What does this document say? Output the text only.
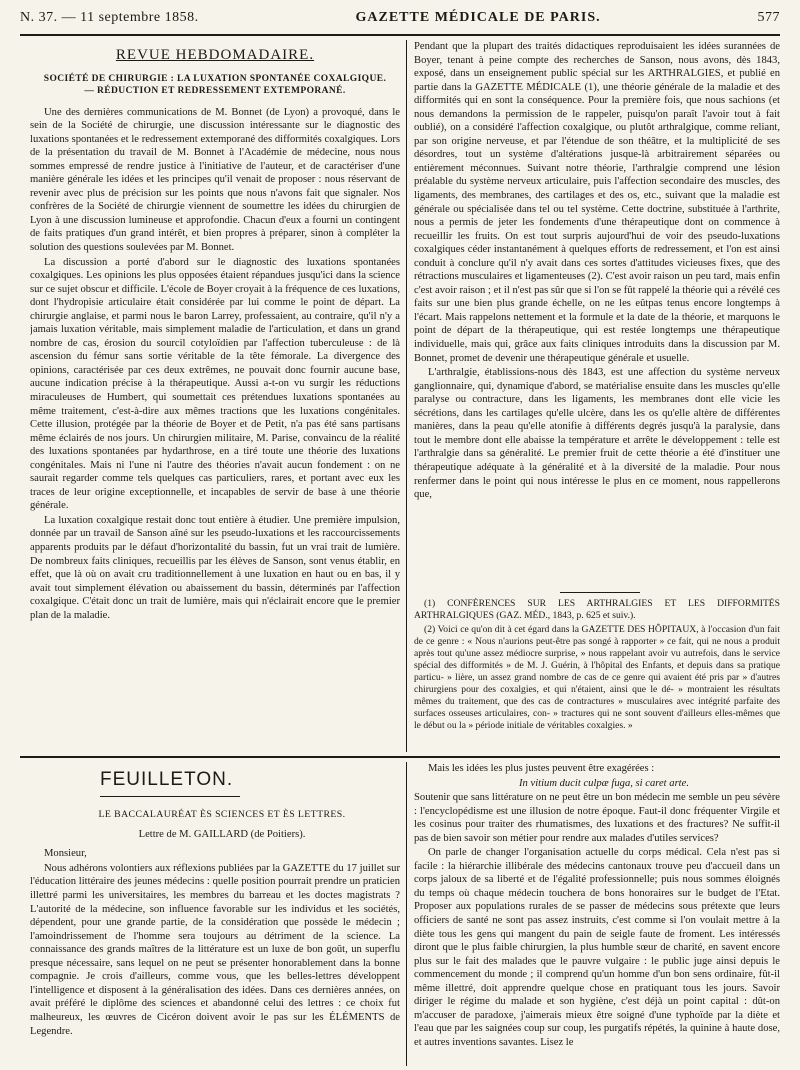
N. 37. — 11 septembre 1858.	GAZETTE MÉDICALE DE PARIS.	577
REVUE HEBDOMADAIRE.
SOCIÉTÉ DE CHIRURGIE : LA LUXATION SPONTANÉE COXALGIQUE.
— RÉDUCTION ET REDRESSEMENT EXTEMPORANÉ.

Une des dernières communications de M. Bonnet (de Lyon) a provoqué, dans le sein de la Société de chirurgie, une discussion intéressante sur le diagnostic des luxations spontanées et le redressement extemporané des difformités coxalgiques. Lors de la présentation du travail de M. Bonnet à l'Académie de médecine, nous nous sommes empressé de rendre justice à l'initiative de l'auteur, et de caractériser d'une manière générale les idées et les principes qu'il venait de proposer : nous réservant de revenir avec plus de précision sur les points que nous n'avons fait que signaler. Nos confrères de la Société de chirurgie viennent de soumettre les idées du chirurgien de Lyon à une discussion lumineuse et approfondie. Chacun d'eux a fourni un contingent de faits pratiques d'un grand intérêt, et bien propres à préparer, sinon à compléter la solution des questions soulevées par M. Bonnet.

La discussion a porté d'abord sur le diagnostic des luxations spontanées coxalgiques. Les opinions les plus opposées étaient répandues jusqu'ici dans la science sur ce sujet obscur et difficile. L'école de Boyer croyait à la fréquence de ces luxations, dont l'hydropisie articulaire était considérée par lui comme le point de départ. La chirurgie anglaise, et parmi nous le baron Larrey, professaient, au contraire, qu'il n'y a jamais luxation véritable, mais simplement maladie de l'articulation, et dans un grand nombre de cas, érosion du sourcil cotyloïdien par l'affection tuberculeuse : de là ascension du fémur sans sortie véritable de la tête fémorale. La divergence des opinions, caractérisée par ces deux extrêmes, ne pouvait donc fournir aucune base, aucune indication précise à la thérapeutique. Aussi a-t-on vu surgir les réductions miraculeuses de Humbert, qui soumettait ces prétendues luxations spontanées au même traitement, c'est-à-dire aux mêmes tractions que les luxations congénitales. Cette illusion, protégée par la théorie de Boyer et de Petit, n'a pas été sans partisans même éclairés de nos jours. Un chirurgien militaire, M. Parise, convaincu de la réalité des luxations spontanées par hydarthrose, en a tiré toute une théorie des luxations congénitales. Mais ni l'une ni l'autre des théories n'avait aucun fondement : on ne saurait regarder comme tels quelques cas particuliers, rares, et portant avec eux les traces de leur origine exceptionnelle, et incapables de servir de base à une théorie générale.

La luxation coxalgique restait donc tout entière à étudier. Une première impulsion, donnée par un travail de Sanson aîné sur les pseudo-luxations et les raccourcissements apparents produits par le défaut d'horizontalité du bassin, fut un vrai trait de lumière. De nombreux faits cliniques, recueillis par les élèves de Sanson, sont venus établir, en effet, que là où on avait cru traditionnellement à une luxation en haut ou en bas, il y avait tout simplement élévation ou abaissement du bassin, déterminés par l'affection coxalgique. C'était donc un trait de lumière, mais qui n'éclairait encore que le premier plan de la maladie.

Pendant que la plupart des traités didactiques reproduisaient les idées surannées de Boyer, tenant à peine compte des recherches de Sanson, nous avons, dès 1843, exposé, dans un enseignement public spécial sur les ARTHRALGIES, et publié en partie dans la GAZETTE MÉDICALE (1), une théorie générale de la maladie et des difformités qui en sont la conséquence. Pour la première fois, que nous sachions (et nous demandons la permission de le rappeler, puisqu'on paraît l'avoir tout à fait oublié), on a considéré l'affection coxalgique, ou plutôt arthralgique, comme reliant, par son origine nerveuse, et par l'étendue de son théâtre, et la multiplicité de ses désordres, tout un système d'altérations jusque-là arbitrairement séparées ou entièrement méconnues. Suivant notre théorie, l'arthralgie comprend une lésion préalable du système nerveux articulaire, puis l'affection secondaire des muscles, des ligaments, des membranes, des cartilages et des os, etc., suivant que la maladie est générale ou spécialisée dans tel ou tel système. Cette doctrine, substituée à l'arthrite, nous a permis de jeter les fondements d'une thérapeutique dont on commence à recueillir les fruits. On est tout surpris aujourd'hui de voir des pseudo-luxations coxalgiques céder instantanément à quelques efforts de redressement, et l'on est ainsi conduit à conclure qu'il n'y avait dans ces sortes d'attitudes vicieuses fixes, que des rétractions musculaires et ligamenteuses (2). C'est avoir raison un peu tard, mais enfin c'est avoir raison ; et il n'est pas sûr que si l'on se fût rappelé la théorie qui a révélé ces faits sur une bien plus grande échelle, on ne les eûtpas tenus encore longtemps à l'écart. Mais rappelons nettement et la formule et la date de la théorie, et marquons le point de départ de la thérapeutique, qui est restée longtemps une thérapeutique individuelle, mais qui, grâce aux faits cliniques introduits dans la discussion par M. Bonnet, promet de devenir une thérapeutique générale et usuelle.

L'arthralgie, établissions-nous dès 1843, est une affection du système nerveux ganglionnaire, qui, dynamique d'abord, se matérialise ensuite dans les muscles qu'elle paralyse ou contracture, dans les ligaments, les membranes dont elle vicie les sécrétions, dans les cartilages qu'elle ulcère, dans les os qu'elle altère de différentes manières, dans la peau qu'elle atonifie à différents degrés jusqu'à la paralysie, dans tout le membre dont elle abaisse la température et arrête le développement : telle est l'arthralgie dans sa généralité. Le premier fruit de cette théorie a été d'instituer une thérapeutique adéquate à la généralité et à la diversité de la maladie. Pour nous renfermer dans le point qui nous intéresse le plus en ce moment, nous rappellerons que,

(1) CONFÉRENCES SUR LES ARTHRALGIES ET LES DIFFORMITÉS ARTHRALGIQUES (GAZ. MÉD., 1843, p. 625 et suiv.).

(2) Voici ce qu'on dit à cet égard dans la GAZETTE DES HÔPITAUX, à l'occasion d'un fait de ce genre : « Nous n'aurions peut-être pas songé à rapporter » ce fait, qui ne nous a produit après tout qu'une assez médiocre surprise, » nous rappelant avoir vu autrefois, dans le service spécial des difformités » de M. J. Guérin, à l'hôpital des Enfants, et depuis dans sa pratique particu- » lière, un assez grand nombre de cas de ce genre qui avaient été pris par » d'autres chirurgiens pour des coxalgies, et qui n'étaient, ainsi que le dé- » montraient les résultats mêmes du traitement, que des cas de contractures » musculaires avec intégrité parfaite des surfaces osseuses articulaires, con- » tractures qui ne sont souvent d'ailleurs elles-mêmes que le début ou la » période initiale de véritables coxalgies. »

FEUILLETON.

LE BACCALAURÉAT ÈS SCIENCES ET ÈS LETTRES.

Lettre de M. GAILLARD (de Poitiers).

Monsieur,

Nous adhérons volontiers aux réflexions publiées par la GAZETTE du 17 juillet sur l'éducation littéraire des jeunes médecins : quelle position pourrait prendre un praticien illettré parmi les universitaires, les membres du barreau et les doctes magistrats ? L'autorité de la médecine, son influence favorable sur les individus et les sociétés, dépendent, pour une grande partie, de la considération que possède le médecin ; l'amoindrissement de l'homme sera toujours au détriment de la science. La connaissance des grands maîtres de la littérature est un luxe de bon goût, un superflu presque nécessaire, sans lequel on ne peut se présenter honorablement dans la bonne compagnie. Je crois d'ailleurs, comme vous, que les belles-lettres développent l'intelligence et disposent à la généralisation des idées. Dans ces dernières années, on avait préféré le diplôme des sciences et abandonné celui des lettres : ce choix fut malheureux, les œuvres de Cicéron doivent avoir le pas sur les ÉLÉMENTS de Legendre.

Mais les idées les plus justes peuvent être exagérées :

In vitium ducit culpæ fuga, si caret arte.

Soutenir que sans littérature on ne peut être un bon médecin me semble un peu sévère : l'encyclopédisme est une illusion de notre époque. Faut-il donc fréquenter Virgile et les cosinus pour traiter des rhumatismes, des luxations et des fractures? Ne suffit-il pas de bien savoir son métier pour rendre aux malades d'utiles services?

On parle de changer l'organisation actuelle du corps médical. Cela n'est pas si facile : la hiérarchie illibérale des médecins cantonaux trouve peu d'accueil dans un corps jaloux de sa liberté et de l'égalité professionnelle; puis nous sommes éloignés du temps où chaque médecin touchera de bons honoraires sur le budget de l'Etat. Proposer aux populations rurales de se passer de médecins sous prétexte que leurs officiers de santé ne sont pas assez instruits, c'est comme si l'on voulait mettre à la diète tous les gens qui mangent du pain de seigle faute de froment. Les intéressés diront que le plus faible chirurgien, la plus humble sœur de charité, en savent encore plus sur le fait des malades que le pauvre vulgaire : le public juge ainsi depuis le commencement du monde ; il comprend qu'un homme d'un bon sens ordinaire, fût-il même illettré, doit apprendre quelque chose en pratiquant tous les jours. Savoir diriger le régime du malade et son hygiène, c'est déjà un point capital : dût-on m'accuser de paradoxe, j'aimerais mieux être soigné d'une typhoïde par la diète et l'eau que par les saignées coup sur coup, les purgatifs répétés, la quinine à haute dose, et autres inventions savantes. Lisez le
